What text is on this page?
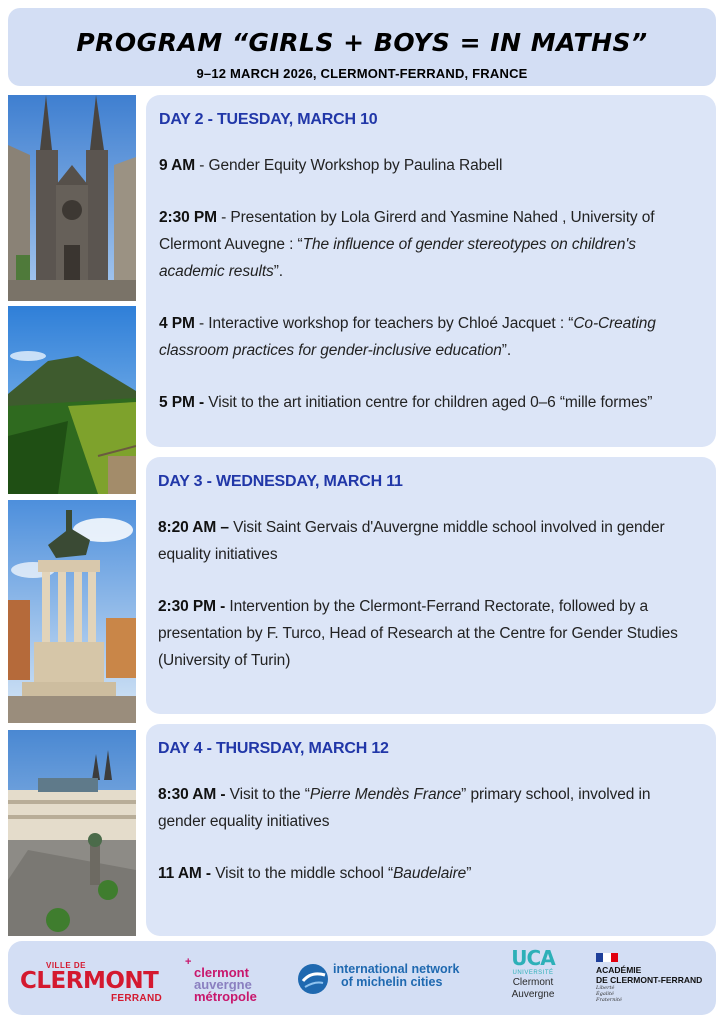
PROGRAM “GIRLS + BOYS = IN MATHS”
9–12 MARCH 2026, CLERMONT-FERRAND, FRANCE
DAY 2 - TUESDAY, MARCH 10
9 AM - Gender Equity Workshop by Paulina Rabell
2:30 PM - Presentation by Lola Girerd and Yasmine Nahed , University of Clermont Auvegne : “The influence of gender stereotypes on children's academic results”.
4 PM - Interactive workshop for teachers by Chloé Jacquet : “Co-Creating classroom practices for gender-inclusive education”.
5 PM - Visit to the art initiation centre for children aged 0–6 “mille formes”
DAY 3 - WEDNESDAY, MARCH 11
8:20 AM – Visit Saint Gervais d'Auvergne middle school involved in gender equality initiatives
2:30 PM - Intervention by the Clermont-Ferrand Rectorate, followed by a presentation by F. Turco, Head of Research at the Centre for Gender Studies (University of Turin)
DAY 4 - THURSDAY, MARCH 12
8:30 AM - Visit to the “Pierre Mendès France” primary school, involved in gender equality initiatives
11 AM - Visit to the middle school “Baudelaire”
VILLE DE
CLERMONT
FERRAND
+
clermont
auvergne
métropole
international network
of michelin cities
UCA
UNIVERSITÉ
Clermont
Auvergne
ACADÉMIE
DE CLERMONT-FERRAND
Liberté
Égalité
Fraternité
